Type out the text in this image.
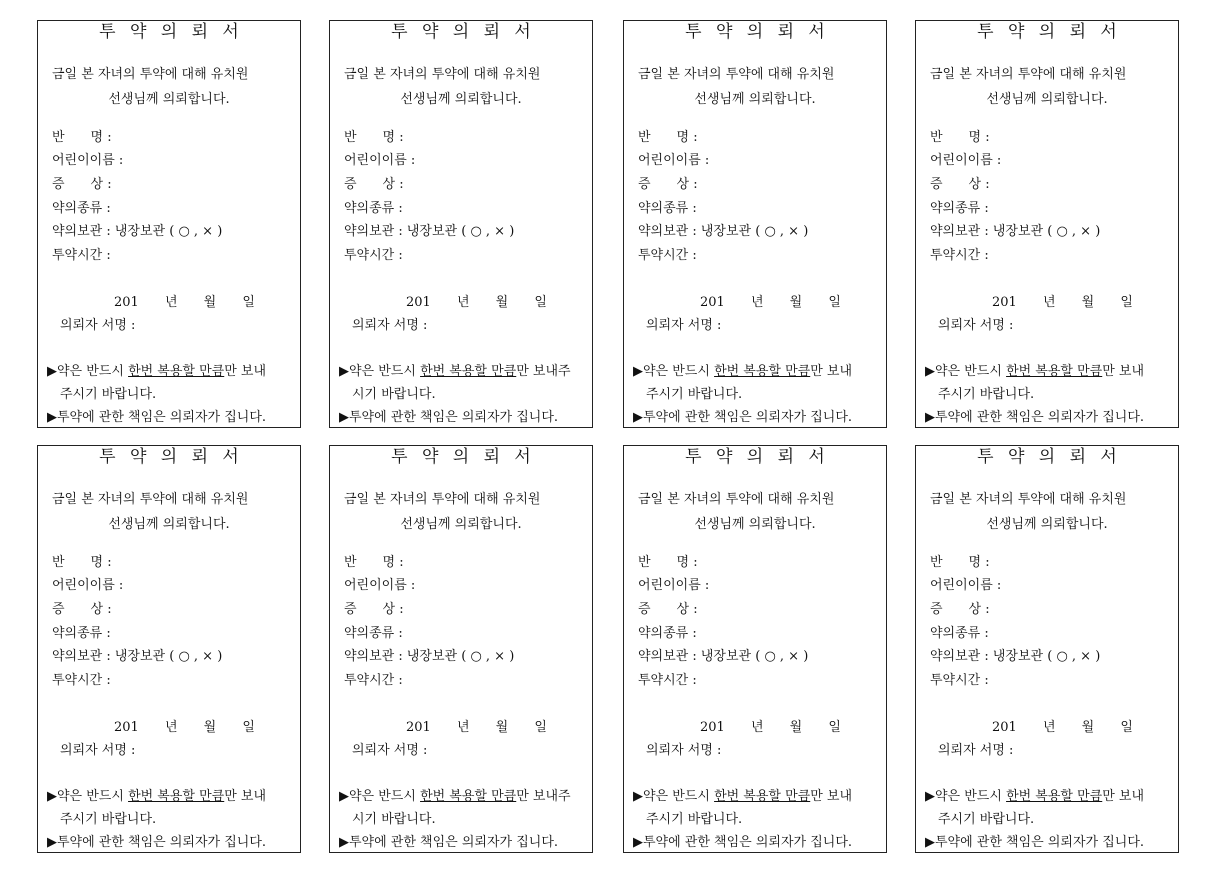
투 약 의 뢰 서
금일 본 자녀의 투약에 대해 유치원
선생님께 의뢰합니다.
반　　명 :
어린이이름 :
증　　상 :
약의종류 :
약의보관 : 냉장보관 ( ○ , × )
투약시간 :
201 년 월 일
의뢰자 서명 :
▶약은 반드시 한번 복용할 만큼만 보내
주시기 바랍니다.
▶투약에 관한 책임은 의뢰자가 집니다.
투 약 의 뢰 서
금일 본 자녀의 투약에 대해 유치원
선생님께 의뢰합니다.
반　　명 :
어린이이름 :
증　　상 :
약의종류 :
약의보관 : 냉장보관 ( ○ , × )
투약시간 :
201 년 월 일
의뢰자 서명 :
▶약은 반드시 한번 복용할 만큼만 보내주
시기 바랍니다.
▶투약에 관한 책임은 의뢰자가 집니다.
투 약 의 뢰 서
금일 본 자녀의 투약에 대해 유치원
선생님께 의뢰합니다.
반　　명 :
어린이이름 :
증　　상 :
약의종류 :
약의보관 : 냉장보관 ( ○ , × )
투약시간 :
201 년 월 일
의뢰자 서명 :
▶약은 반드시 한번 복용할 만큼만 보내
주시기 바랍니다.
▶투약에 관한 책임은 의뢰자가 집니다.
투 약 의 뢰 서
금일 본 자녀의 투약에 대해 유치원
선생님께 의뢰합니다.
반　　명 :
어린이이름 :
증　　상 :
약의종류 :
약의보관 : 냉장보관 ( ○ , × )
투약시간 :
201 년 월 일
의뢰자 서명 :
▶약은 반드시 한번 복용할 만큼만 보내
주시기 바랍니다.
▶투약에 관한 책임은 의뢰자가 집니다.
투 약 의 뢰 서
금일 본 자녀의 투약에 대해 유치원
선생님께 의뢰합니다.
반　　명 :
어린이이름 :
증　　상 :
약의종류 :
약의보관 : 냉장보관 ( ○ , × )
투약시간 :
201 년 월 일
의뢰자 서명 :
▶약은 반드시 한번 복용할 만큼만 보내
주시기 바랍니다.
▶투약에 관한 책임은 의뢰자가 집니다.
투 약 의 뢰 서
금일 본 자녀의 투약에 대해 유치원
선생님께 의뢰합니다.
반　　명 :
어린이이름 :
증　　상 :
약의종류 :
약의보관 : 냉장보관 ( ○ , × )
투약시간 :
201 년 월 일
의뢰자 서명 :
▶약은 반드시 한번 복용할 만큼만 보내주
시기 바랍니다.
▶투약에 관한 책임은 의뢰자가 집니다.
투 약 의 뢰 서
금일 본 자녀의 투약에 대해 유치원
선생님께 의뢰합니다.
반　　명 :
어린이이름 :
증　　상 :
약의종류 :
약의보관 : 냉장보관 ( ○ , × )
투약시간 :
201 년 월 일
의뢰자 서명 :
▶약은 반드시 한번 복용할 만큼만 보내
주시기 바랍니다.
▶투약에 관한 책임은 의뢰자가 집니다.
투 약 의 뢰 서
금일 본 자녀의 투약에 대해 유치원
선생님께 의뢰합니다.
반　　명 :
어린이이름 :
증　　상 :
약의종류 :
약의보관 : 냉장보관 ( ○ , × )
투약시간 :
201 년 월 일
의뢰자 서명 :
▶약은 반드시 한번 복용할 만큼만 보내
주시기 바랍니다.
▶투약에 관한 책임은 의뢰자가 집니다.
